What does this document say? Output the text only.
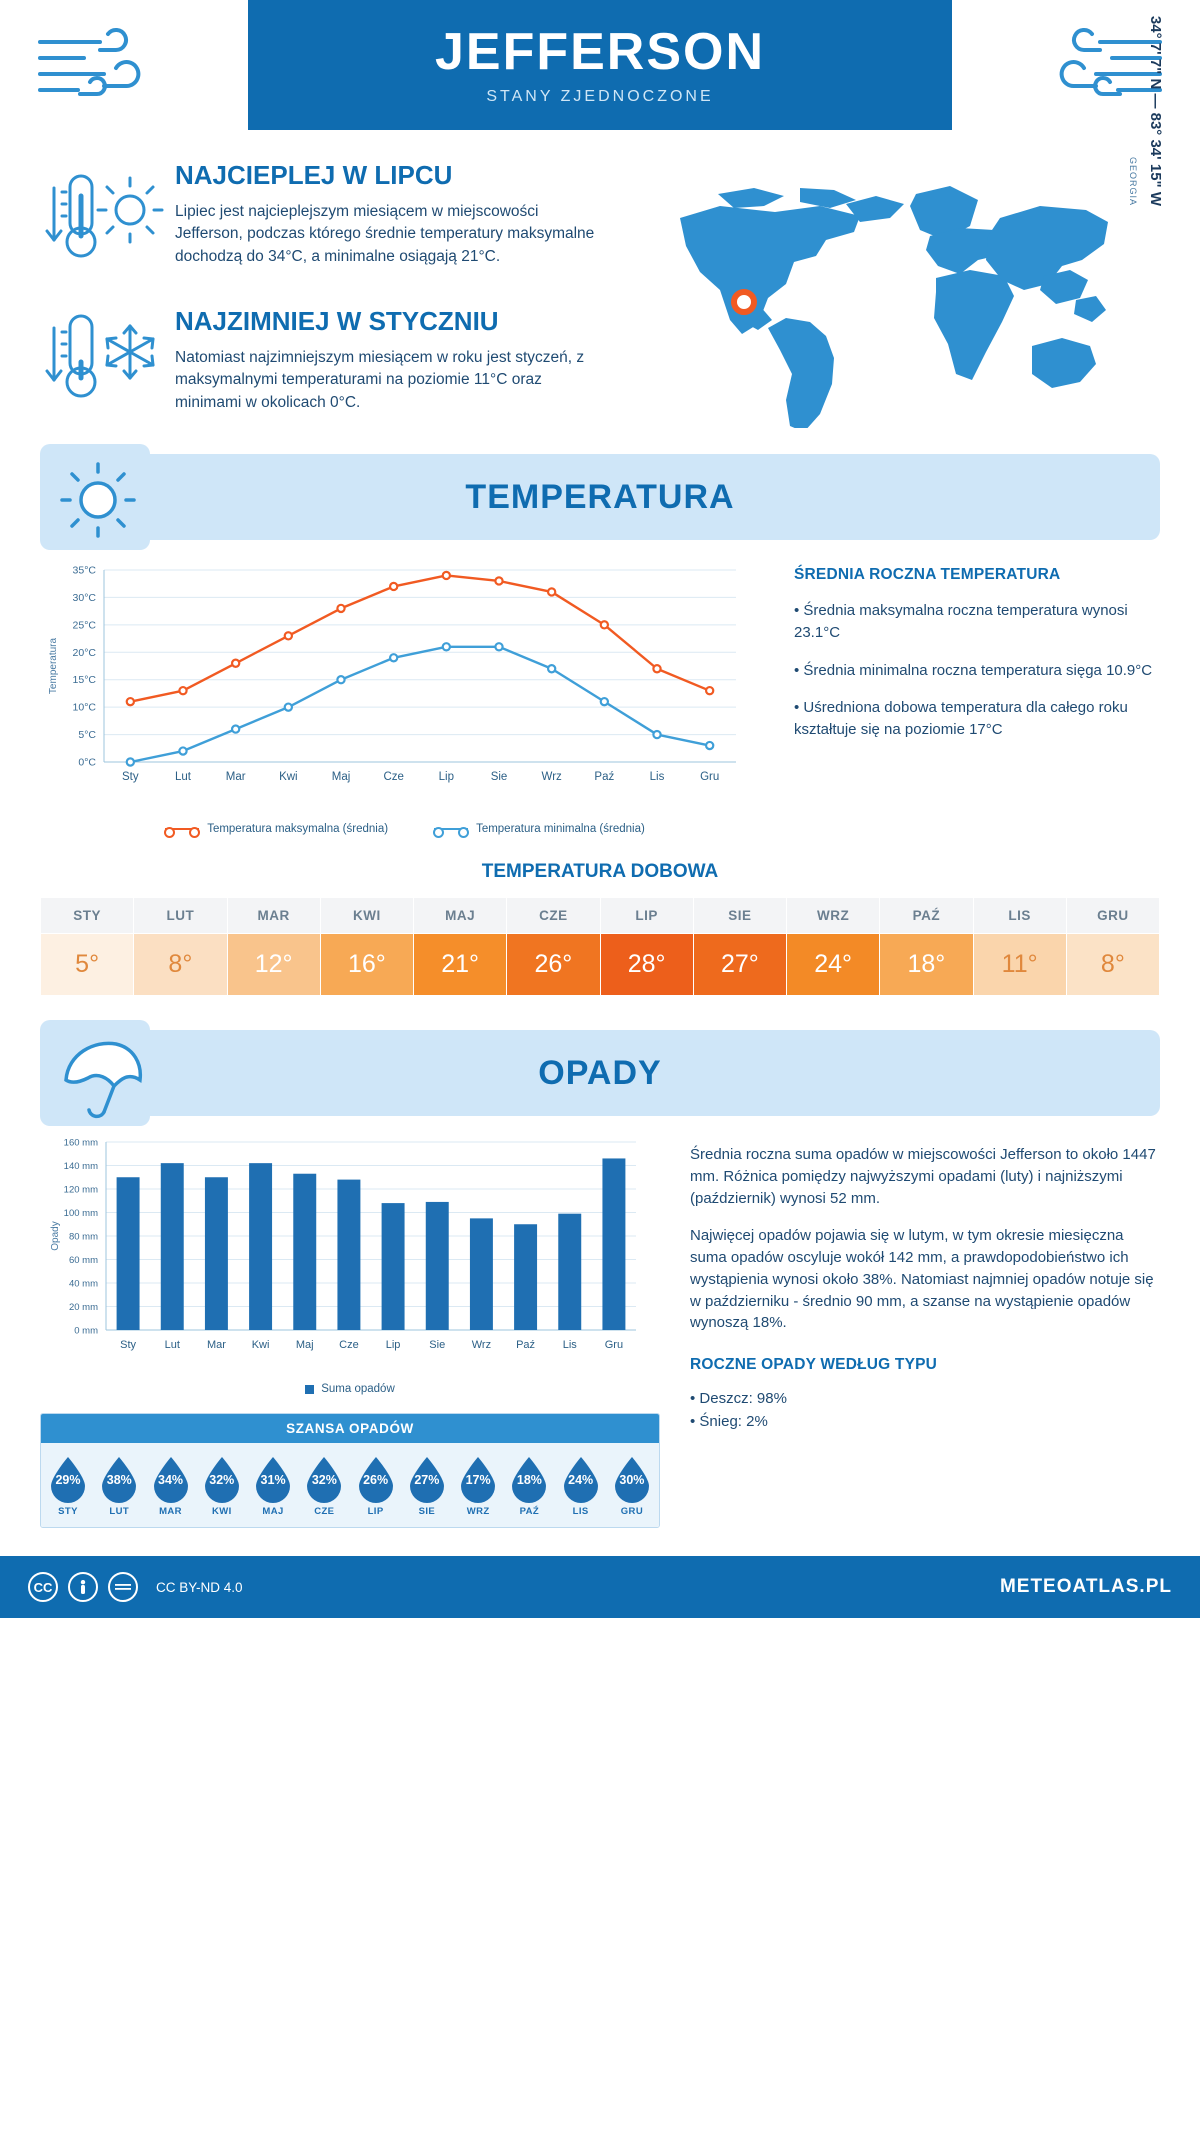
JEFFERSON
STANY ZJEDNOCZONE
NAJCIEPLEJ W LIPCU
Lipiec jest najcieplejszym miesiącem w miejscowości Jefferson, podczas którego średnie temperatury maksymalne dochodzą do 34°C, a minimalne osiągają 21°C.
NAJZIMNIEJ W STYCZNIU
Natomiast najzimniejszym miesiącem w roku jest styczeń, z maksymalnymi temperaturami na poziomie 11°C oraz minimami w okolicach 0°C.
34° 7' 7" N — 83° 34' 15" W
GEORGIA
TEMPERATURA
0°C
5°C
10°C
15°C
20°C
25°C
30°C
35°C
Temperatura
Sty	Lut	Mar	Kwi	Maj	Cze	Lip	Sie	Wrz	Paź	Lis	Gru
Temperatura maksymalna (średnia)	Temperatura minimalna (średnia)
ŚREDNIA ROCZNA TEMPERATURA
• Średnia maksymalna roczna temperatura wynosi 23.1°C
• Średnia minimalna roczna temperatura sięga 10.9°C
• Uśredniona dobowa temperatura dla całego roku kształtuje się na poziomie 17°C
TEMPERATURA DOBOWA
STY	LUT	MAR	KWI	MAJ	CZE	LIP	SIE	WRZ	PAŹ	LIS	GRU
5°	8°	12°	16°	21°	26°	28°	27°	24°	18°	11°	8°
OPADY
0 mm
20 mm
40 mm
60 mm
80 mm
100 mm
120 mm
140 mm
160 mm
Opady
Sty	Lut Mar Kwi Maj Cze Lip	Sie Wrz Paź	Lis	Gru
Suma opadów
SZANSA OPADÓW
29%
STY
38%
LUT
34%
MAR
32%
KWI
31%
MAJ
32%
CZE
26%
LIP
27%
SIE
17%
WRZ
18%
PAŹ
24%
LIS
30%
GRU

Średnia roczna suma opadów w miejscowości Jefferson to około 1447 mm. Różnica pomiędzy najwyższymi opadami (luty) i najniższymi (październik) wynosi 52 mm.

Najwięcej opadów pojawia się w lutym, w tym okresie miesięczna suma opadów oscyluje wokół 142 mm, a prawdopodobieństwo ich wystąpienia wynosi około 38%. Natomiast najmniej opadów notuje się w październiku - średnio 90 mm, a szanse na wystąpienie opadów wynoszą 18%.

ROCZNE OPADY WEDŁUG TYPU
• Deszcz: 98%
• Śnieg: 2%
CC	CC BY-ND 4.0	METEOATLAS.PL
